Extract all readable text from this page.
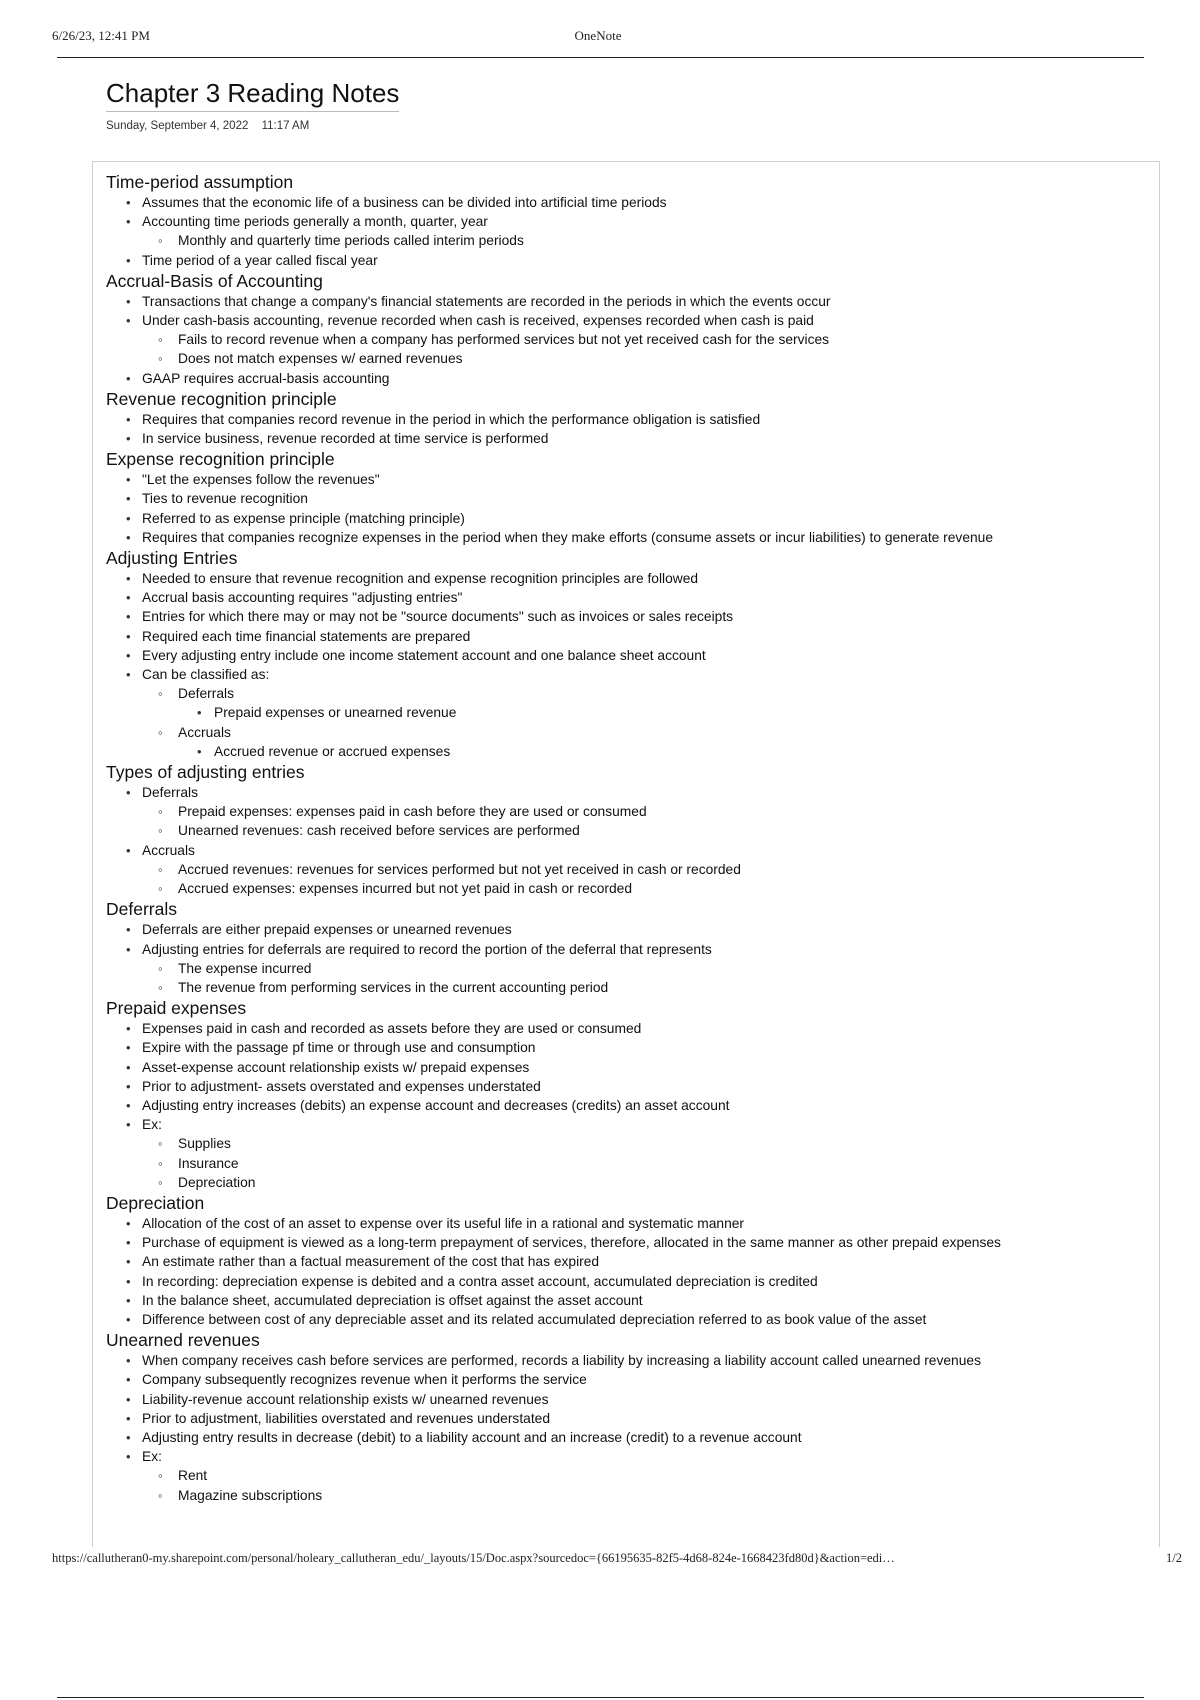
6/26/23, 12:41 PM	OneNote
Chapter 3 Reading Notes
Sunday, September 4, 2022 11:17 AM
Time-period assumption
• Assumes that the economic life of a business can be divided into artificial time periods
• Accounting time periods generally a month, quarter, year
◦ Monthly and quarterly time periods called interim periods
• Time period of a year called fiscal year
Accrual-Basis of Accounting
• Transactions that change a company's financial statements are recorded in the periods in which the events occur
• Under cash-basis accounting, revenue recorded when cash is received, expenses recorded when cash is paid
◦ Fails to record revenue when a company has performed services but not yet received cash for the services
◦ Does not match expenses w/ earned revenues
• GAAP requires accrual-basis accounting
Revenue recognition principle
• Requires that companies record revenue in the period in which the performance obligation is satisfied
• In service business, revenue recorded at time service is performed
Expense recognition principle
• "Let the expenses follow the revenues"
• Ties to revenue recognition
• Referred to as expense principle (matching principle)
• Requires that companies recognize expenses in the period when they make efforts (consume assets or incur liabilities) to generate revenue
Adjusting Entries
• Needed to ensure that revenue recognition and expense recognition principles are followed
• Accrual basis accounting requires "adjusting entries"
• Entries for which there may or may not be "source documents" such as invoices or sales receipts
• Required each time financial statements are prepared
• Every adjusting entry include one income statement account and one balance sheet account
• Can be classified as:
◦ Deferrals
• Prepaid expenses or unearned revenue
◦ Accruals
• Accrued revenue or accrued expenses
Types of adjusting entries
• Deferrals
◦ Prepaid expenses: expenses paid in cash before they are used or consumed
◦ Unearned revenues: cash received before services are performed
• Accruals
◦ Accrued revenues: revenues for services performed but not yet received in cash or recorded
◦ Accrued expenses: expenses incurred but not yet paid in cash or recorded
Deferrals
• Deferrals are either prepaid expenses or unearned revenues
• Adjusting entries for deferrals are required to record the portion of the deferral that represents
◦ The expense incurred
◦ The revenue from performing services in the current accounting period
Prepaid expenses
• Expenses paid in cash and recorded as assets before they are used or consumed
• Expire with the passage pf time or through use and consumption
• Asset-expense account relationship exists w/ prepaid expenses
• Prior to adjustment- assets overstated and expenses understated
• Adjusting entry increases (debits) an expense account and decreases (credits) an asset account
• Ex:
◦ Supplies
◦ Insurance
◦ Depreciation
Depreciation
• Allocation of the cost of an asset to expense over its useful life in a rational and systematic manner
• Purchase of equipment is viewed as a long-term prepayment of services, therefore, allocated in the same manner as other prepaid expenses
• An estimate rather than a factual measurement of the cost that has expired
• In recording: depreciation expense is debited and a contra asset account, accumulated depreciation is credited
• In the balance sheet, accumulated depreciation is offset against the asset account
• Difference between cost of any depreciable asset and its related accumulated depreciation referred to as book value of the asset
Unearned revenues
• When company receives cash before services are performed, records a liability by increasing a liability account called unearned revenues
• Company subsequently recognizes revenue when it performs the service
• Liability-revenue account relationship exists w/ unearned revenues
• Prior to adjustment, liabilities overstated and revenues understated
• Adjusting entry results in decrease (debit) to a liability account and an increase (credit) to a revenue account
• Ex:
◦ Rent
◦ Magazine subscriptions
https://callutheran0-my.sharepoint.com/personal/holeary_callutheran_edu/_layouts/15/Doc.aspx?sourcedoc={66195635-82f5-4d68-824e-1668423fd80d}&action=edi…	1/2
